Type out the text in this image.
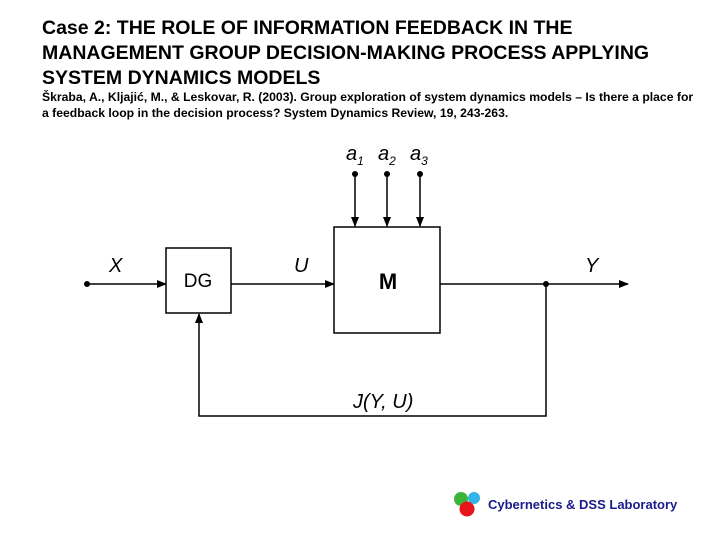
Case 2: THE ROLE OF INFORMATION FEEDBACK IN THE MANAGEMENT GROUP DECISION-MAKING PROCESS APPLYING SYSTEM DYNAMICS MODELS

Škraba, A., Kljajić, M., & Leskovar, R. (2003). Group exploration of system dynamics models – Is there a place for a feedback loop in the decision process? System Dynamics Review, 19, 243-263.

$a_1$ $a_2$ $a_3$
X
DG
U
M
Y
J(Y, U)
Cybernetics & DSS Laboratory
